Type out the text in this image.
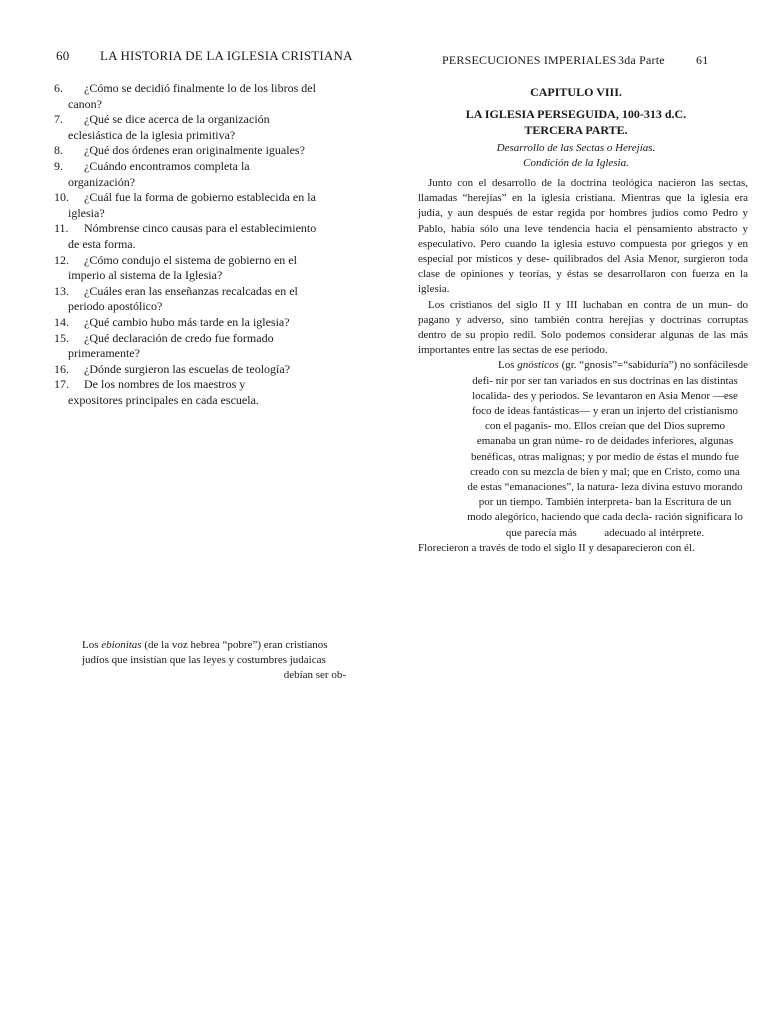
60 LA HISTORIA DE LA IGLESIA CRISTIANA
6. ¿Cómo se decidió finalmente lo de los libros del
canon?
7. ¿Qué se dice acerca de la organización
eclesiástica de la iglesia primitiva?
8. ¿Qué dos órdenes eran originalmente iguales?
9. ¿Cuándo encontramos completa la
organización?
10. ¿Cuál fue la forma de gobierno establecida en la
iglesia?
11. Nómbrense cinco causas para el establecimiento
de esta forma.
12. ¿Cómo condujo el sistema de gobierno en el
imperio al sistema de la Iglesia?
13. ¿Cuáles eran las enseñanzas recalcadas en el
periodo apostólico?
14. ¿Qué cambio hubo más tarde en la iglesia?
15. ¿Qué declaración de credo fue formado
primeramente?
16. ¿Dónde surgieron las escuelas de teología?
17. De los nombres de los maestros y
expositores principales en cada escuela.
Los ebionitas (de la voz hebrea “pobre”) eran cristianos
judíos que insistían que las leyes y costumbres judaicas
debían ser ob-
PERSECUCIONES IMPERIALES 3da Parte	61
CAPITULO VIII.
LA IGLESIA PERSEGUIDA, 100-313 d.C.
TERCERA PARTE.
Desarrollo de las Sectas o Herejías.
Condición de la Iglesia.

Junto con el desarrollo de la doctrina teológica nacieron las sectas, llamadas “herejías” en la iglesia cristiana. Mientras que la iglesia era judía, y aun después de estar regida por hombres judíos como Pedro y Pablo, había sólo una leve tendencia hacia el pensamiento abstracto y especulativo. Pero cuando la iglesia estuvo compuesta por griegos y en especial por místicos y dese- quilibrados del Asia Menor, surgieron toda clase de opiniones y teorías, y éstas se desarrollaron con fuerza en la iglesia.

Los cristianos del siglo II y III luchaban en contra de un mun- do pagano y adverso, sino también contra herejías y doctrinas corruptas dentro de su propio redil. Solo podemos considerar algunas de las más importantes entre las sectas de ese periodo.

Los gnósticos (gr. “gnosis”=“sabiduría”) no sonfácilesde
defi- nir por ser tan variados en sus doctrinas en las distintas
localida- des y periodos. Se levantaron en Asia Menor —ese
foco de ideas fantásticas— y eran un injerto del cristianismo
con el paganis- mo. Ellos creían que del Dios supremo
emanaba un gran núme- ro de deidades inferiores, algunas
benéficas, otras malignas; y por medio de éstas el mundo fue
creado con su mezcla de bien y mal; que en Cristo, como una
de estas “emanaciones”, la natura- leza divina estuvo morando
por un tiempo. También interpreta- ban la Escritura de un
modo alegórico, haciendo que cada decla- ración significara lo
que parecía más          adecuado al intérprete.

Florecieron a través de todo el siglo II y desaparecieron con él.
